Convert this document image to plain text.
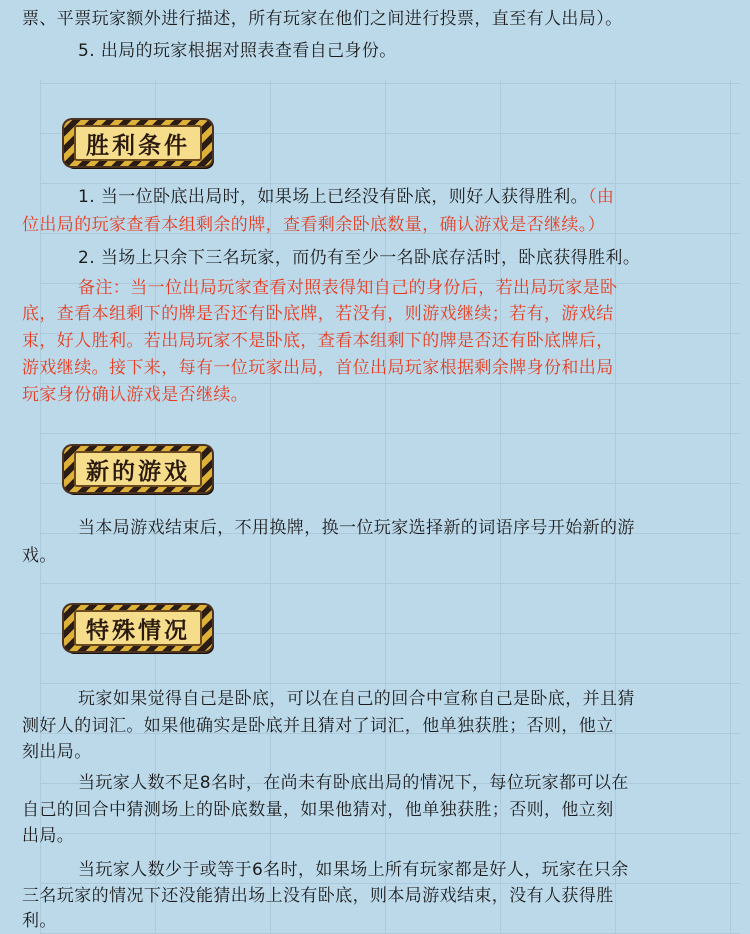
票、平票玩家额外进行描述，所有玩家在他们之间进行投票，直至有人出局）。

5. 出局的玩家根据对照表查看自己身份。

胜利条件

1. 当一位卧底出局时，如果场上已经没有卧底，则好人获得胜利。（由

位出局的玩家查看本组剩余的牌，查看剩余卧底数量，确认游戏是否继续。）

2. 当场上只余下三名玩家，而仍有至少一名卧底存活时，卧底获得胜利。

备注：当一位出局玩家查看对照表得知自己的身份后，若出局玩家是卧

底，查看本组剩下的牌是否还有卧底牌，若没有，则游戏继续；若有，游戏结

束，好人胜利。若出局玩家不是卧底，查看本组剩下的牌是否还有卧底牌后，

游戏继续。接下来，每有一位玩家出局，首位出局玩家根据剩余牌身份和出局

玩家身份确认游戏是否继续。

新的游戏

当本局游戏结束后，不用换牌，换一位玩家选择新的词语序号开始新的游

戏。

特殊情况

玩家如果觉得自己是卧底，可以在自己的回合中宣称自己是卧底，并且猜

测好人的词汇。如果他确实是卧底并且猜对了词汇，他单独获胜；否则，他立

刻出局。

当玩家人数不足8名时，在尚未有卧底出局的情况下，每位玩家都可以在

自己的回合中猜测场上的卧底数量，如果他猜对，他单独获胜；否则，他立刻

出局。

当玩家人数少于或等于6名时，如果场上所有玩家都是好人，玩家在只余

三名玩家的情况下还没能猜出场上没有卧底，则本局游戏结束，没有人获得胜

利。
